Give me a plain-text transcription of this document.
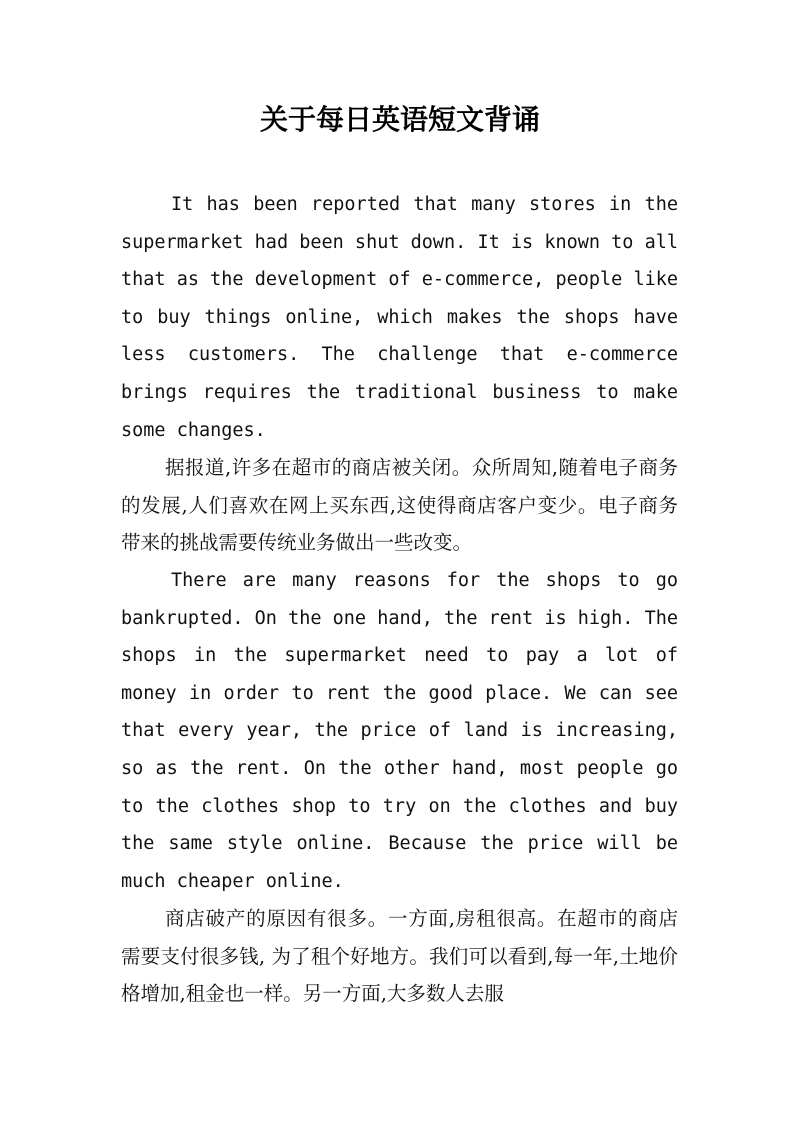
关于每日英语短文背诵

It has been reported that many stores in the supermarket had been shut down. It is known to all that as the development of e-commerce, people like to buy things online, which makes the shops have less customers. The challenge that e-commerce brings requires the traditional business to make some changes.

据报道,许多在超市的商店被关闭。众所周知,随着电子商务的发展,人们喜欢在网上买东西,这使得商店客户变少。电子商务带来的挑战需要传统业务做出一些改变。

There are many reasons for the shops to go bankrupted. On the one hand, the rent is high. The shops in the supermarket need to pay a lot of money in order to rent the good place. We can see that every year, the price of land is increasing, so as the rent. On the other hand, most people go to the clothes shop to try on the clothes and buy the same style online. Because the price will be much cheaper online.

商店破产的原因有很多。一方面,房租很高。在超市的商店需要支付很多钱, 为了租个好地方。我们可以看到,每一年,土地价格增加,租金也一样。另一方面,大多数人去服
